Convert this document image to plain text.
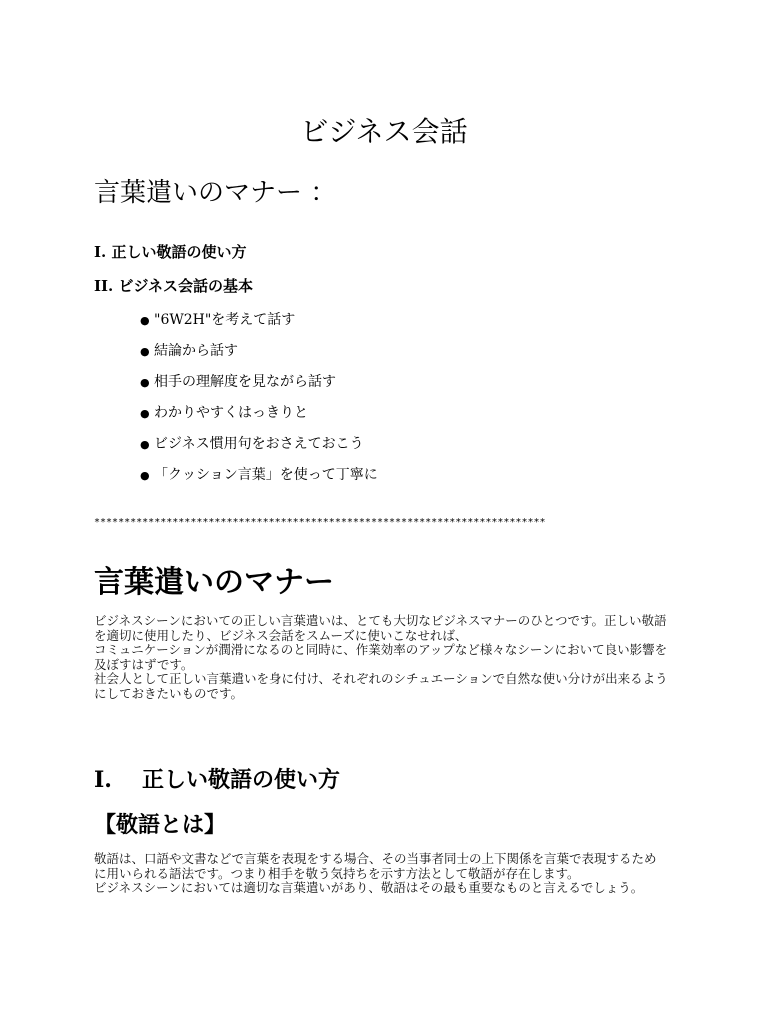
ビジネス会話
言葉遣いのマナー ：
I. 正しい敬語の使い方
II. ビジネス会話の基本
● "6W2H"を考えて話す
● 結論から話す
● 相手の理解度を見ながら話す
● わかりやすくはっきりと
● ビジネス慣用句をおさえておこう
● 「クッション言葉」を使って丁寧に
***************************************************************************
言葉遣いのマナー

ビジネスシーンにおいての正しい言葉遣いは、とても大切なビジネスマナーのひとつです。正しい敬語を適切に使用したり、ビジネス会話をスムーズに使いこなせれば、

コミュニケーションが潤滑になるのと同時に、作業効率のアップなど様々なシーンにおいて良い影響を及ぼすはずです。

社会人として正しい言葉遣いを身に付け、それぞれのシチュエーションで自然な使い分けが出来るようにしておきたいものです。

I. 正しい敬語の使い方
【敬語とは】

敬語は、口語や文書などで言葉を表現をする場合、その当事者同士の上下関係を言葉で表現するために用いられる語法です。つまり相手を敬う気持ちを示す方法として敬語が存在します。

ビジネスシーンにおいては適切な言葉遣いがあり、敬語はその最も重要なものと言えるでしょう。
